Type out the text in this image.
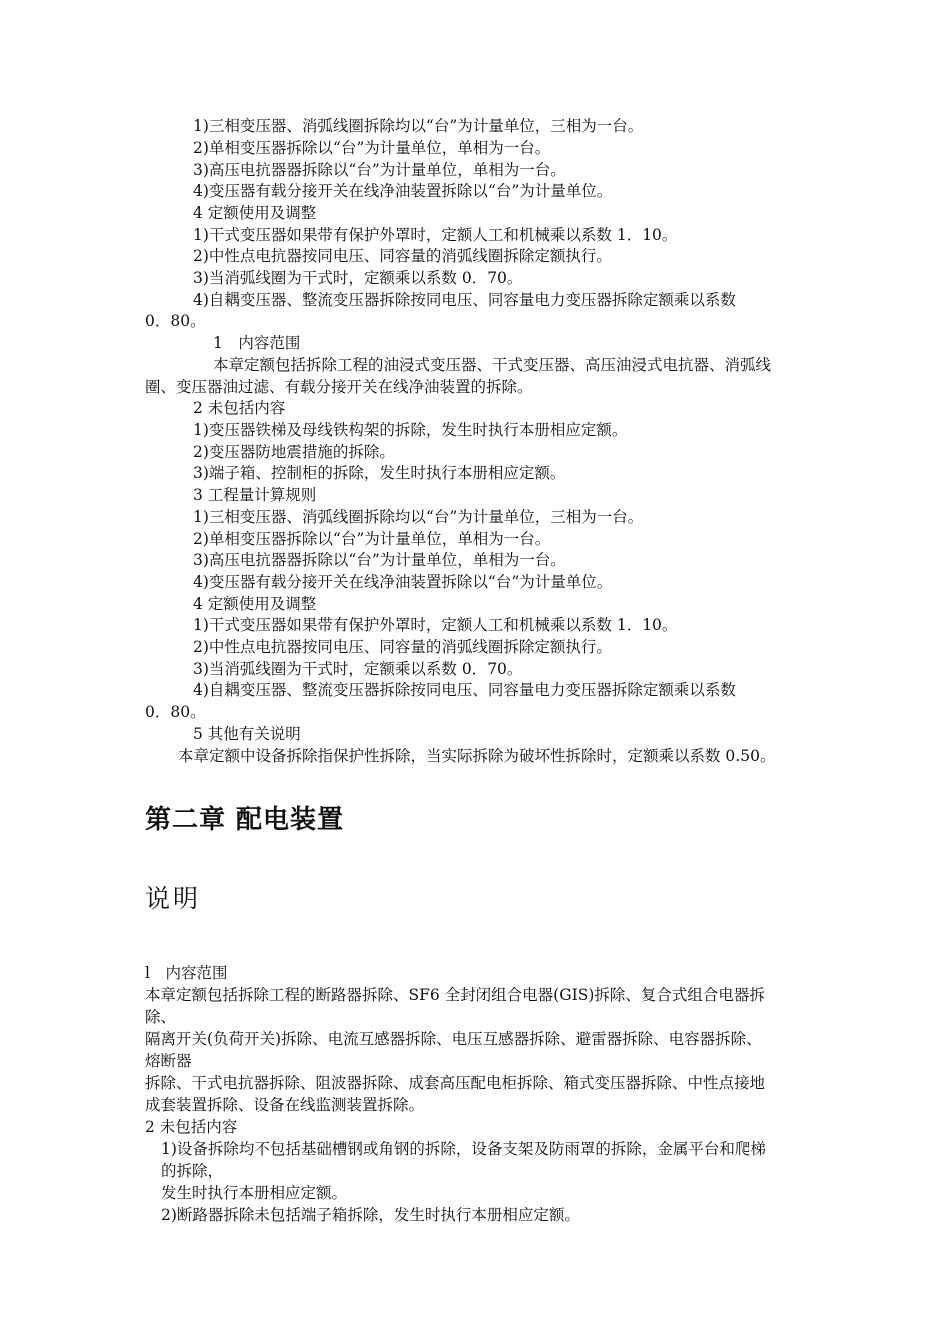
1)三相变压器、消弧线圈拆除均以“台”为计量单位，三相为一台。
2)单相变压器拆除以“台”为计量单位，单相为一台。
3)高压电抗器器拆除以“台”为计量单位，单相为一台。
4)变压器有载分接开关在线净油装置拆除以“台”为计量单位。
4 定额使用及调整
1)干式变压器如果带有保护外罩时，定额人工和机械乘以系数 1．10。
2)中性点电抗器按同电压、同容量的消弧线圈拆除定额执行。
3)当消弧线圈为干式时，定额乘以系数 0．70。
4)自耦变压器、整流变压器拆除按同电压、同容量电力变压器拆除定额乘以系数
0．80。
1　内容范围
本章定额包括拆除工程的油浸式变压器、干式变压器、高压油浸式电抗器、消弧线
圈、变压器油过滤、有载分接开关在线净油装置的拆除。
2 未包括内容
1)变压器铁梯及母线铁构架的拆除，发生时执行本册相应定额。
2)变压器防地震措施的拆除。
3)端子箱、控制柜的拆除，发生时执行本册相应定额。
3 工程量计算规则
1)三相变压器、消弧线圈拆除均以“台”为计量单位，三相为一台。
2)单相变压器拆除以“台”为计量单位，单相为一台。
3)高压电抗器器拆除以“台”为计量单位，单相为一台。
4)变压器有载分接开关在线净油装置拆除以“台”为计量单位。
4 定额使用及调整
1)干式变压器如果带有保护外罩时，定额人工和机械乘以系数 1．10。
2)中性点电抗器按同电压、同容量的消弧线圈拆除定额执行。
3)当消弧线圈为干式时，定额乘以系数 0．70。
4)自耦变压器、整流变压器拆除按同电压、同容量电力变压器拆除定额乘以系数
0．80。
5 其他有关说明
本章定额中设备拆除指保护性拆除，当实际拆除为破坏性拆除时，定额乘以系数 0.50。
第二章 配电装置
说明
l　内容范围
本章定额包括拆除工程的断路器拆除、SF6 全封闭组合电器(GIS)拆除、复合式组合电器拆
除、
隔离开关(负荷开关)拆除、电流互感器拆除、电压互感器拆除、避雷器拆除、电容器拆除、
熔断器
拆除、干式电抗器拆除、阻波器拆除、成套高压配电柜拆除、箱式变压器拆除、中性点接地
成套装置拆除、设备在线监测装置拆除。
2 未包括内容
1)设备拆除均不包括基础槽钢或角钢的拆除，设备支架及防雨罩的拆除，金属平台和爬梯
的拆除，
发生时执行本册相应定额。
2)断路器拆除未包括端子箱拆除，发生时执行本册相应定额。
